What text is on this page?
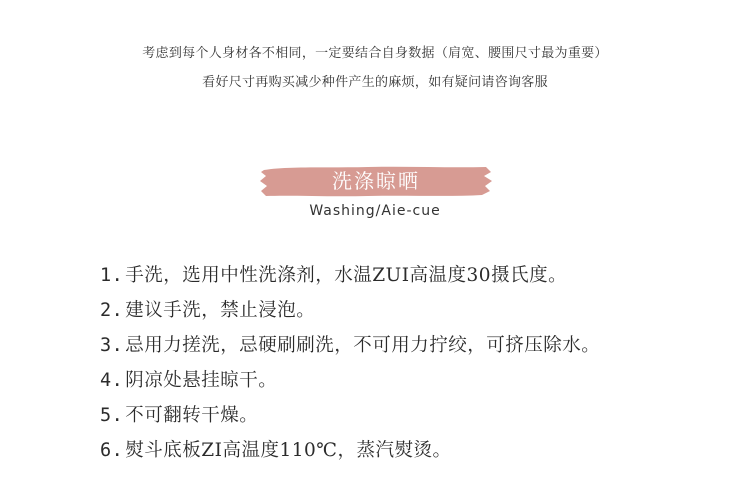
考虑到每个人身材各不相同，一定要结合自身数据（肩宽、腰围尺寸最为重要）
看好尺寸再购买减少种件产生的麻烦，如有疑问请咨询客服
洗涤晾晒
Washing/Aie-cue
1. 手洗，选用中性洗涤剂，水温ZUI高温度30摄氏度。
2. 建议手洗，禁止浸泡。
3. 忌用力搓洗，忌硬刷刷洗，不可用力拧绞，可挤压除水。
4. 阴凉处悬挂晾干。
5. 不可翻转干燥。
6. 熨斗底板ZI高温度110℃，蒸汽熨烫。
